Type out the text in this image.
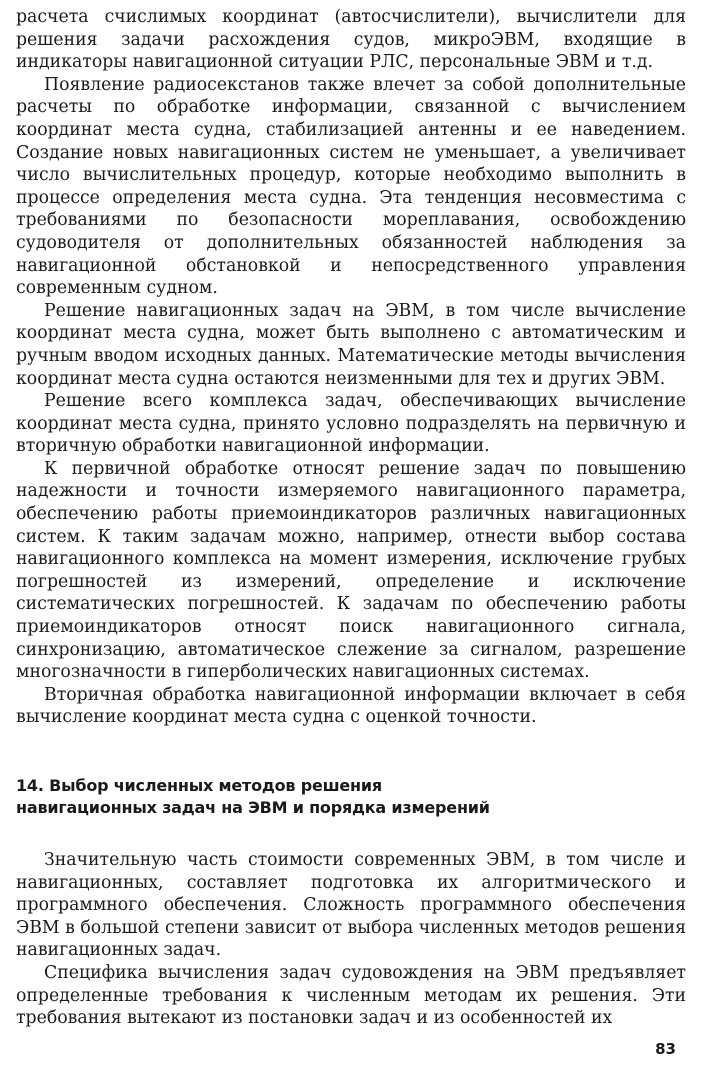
расчета счислимых координат (автосчислители), вычислители для решения задачи расхождения судов, микроЭВМ, входящие в индикаторы навигационной ситуации РЛС, персональные ЭВМ и т.д.

Появление радиосекстанов также влечет за собой дополнительные расчеты по обработке информации, связанной с вычислением координат места судна, стабилизацией антенны и ее наведением. Создание новых навигационных систем не уменьшает, а увеличивает число вычислительных процедур, которые необходимо выполнить в процессе определения места судна. Эта тенденция несовместима с требованиями по безопасности мореплавания, освобождению судоводителя от дополнительных обязанностей наблюдения за навигационной обстановкой и непосредственного управления современным судном.

Решение навигационных задач на ЭВМ, в том числе вычисление координат места судна, может быть выполнено с автоматическим и ручным вводом исходных данных. Математические методы вычисления координат места судна остаются неизменными для тех и других ЭВМ.

Решение всего комплекса задач, обеспечивающих вычисление координат места судна, принято условно подразделять на первичную и вторичную обработки навигационной информации.

К первичной обработке относят решение задач по повышению надежности и точности измеряемого навигационного параметра, обеспечению работы приемоиндикаторов различных навигационных систем. К таким задачам можно, например, отнести выбор состава навигационного комплекса на момент измерения, исключение грубых погрешностей из измерений, определение и исключение систематических погрешностей. К задачам по обеспечению работы приемоиндикаторов относят поиск навигационного сигнала, синхронизацию, автоматическое слежение за сигналом, разрешение многозначности в гиперболических навигационных системах.

Вторичная обработка навигационной информации включает в себя вычисление координат места судна с оценкой точности.

14. Выбор численных методов решения
навигационных задач на ЭВМ и порядка измерений

Значительную часть стоимости современных ЭВМ, в том числе и навигационных, составляет подготовка их алгоритмического и программного обеспечения. Сложность программного обеспечения ЭВМ в большой степени зависит от выбора численных методов решения навигационных задач.

Специфика вычисления задач судовождения на ЭВМ предъявляет определенные требования к численным методам их решения. Эти требования вытекают из постановки задач и из особенностей их

83
